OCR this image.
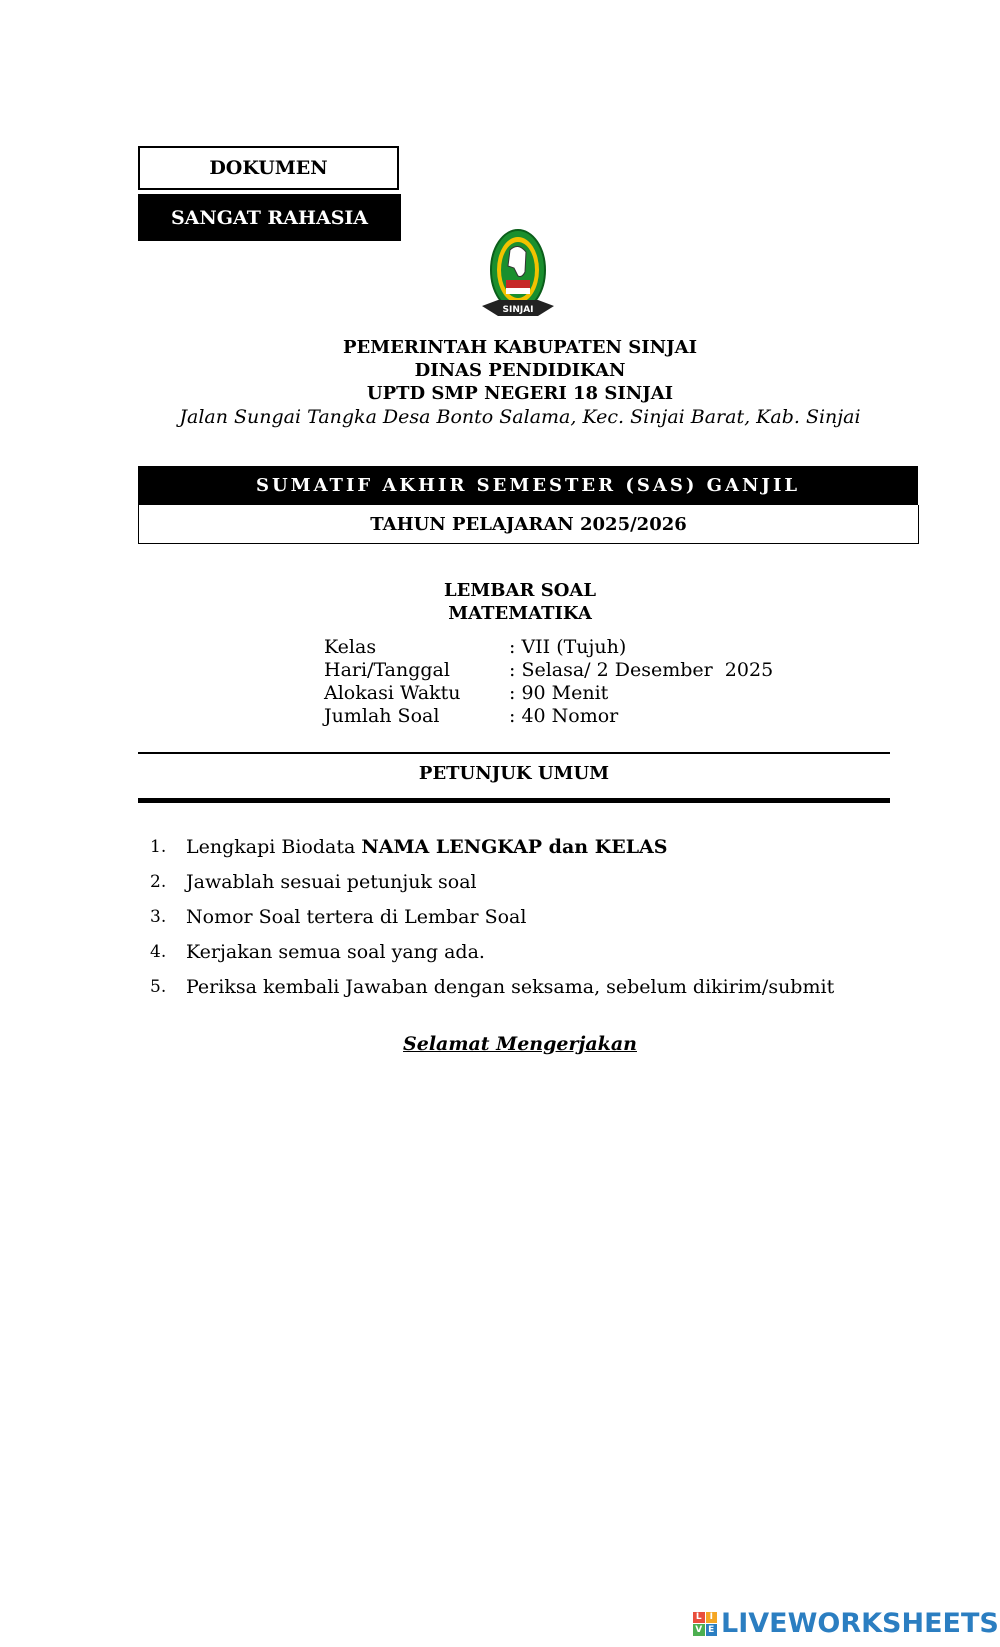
DOKUMEN
SANGAT RAHASIA
SINJAI
PEMERINTAH KABUPATEN SINJAI
DINAS PENDIDIKAN
UPTD SMP NEGERI 18 SINJAI
Jalan Sungai Tangka Desa Bonto Salama, Kec. Sinjai Barat, Kab. Sinjai
SUMATIF AKHIR SEMESTER (SAS) GANJIL
TAHUN PELAJARAN 2025/2026
LEMBAR SOAL
MATEMATIKA
Kelas	: VII (Tujuh)
Hari/Tanggal	: Selasa/ 2 Desember  2025
Alokasi Waktu	: 90 Menit
Jumlah Soal	: 40 Nomor
PETUNJUK UMUM
1.	Lengkapi Biodata NAMA LENGKAP dan KELAS
2.	Jawablah sesuai petunjuk soal
3.	Nomor Soal tertera di Lembar Soal
4.	Kerjakan semua soal yang ada.
5.	Periksa kembali Jawaban dengan seksama, sebelum dikirim/submit
Selamat Mengerjakan
L I
V E LIVEWORKSHEETS
